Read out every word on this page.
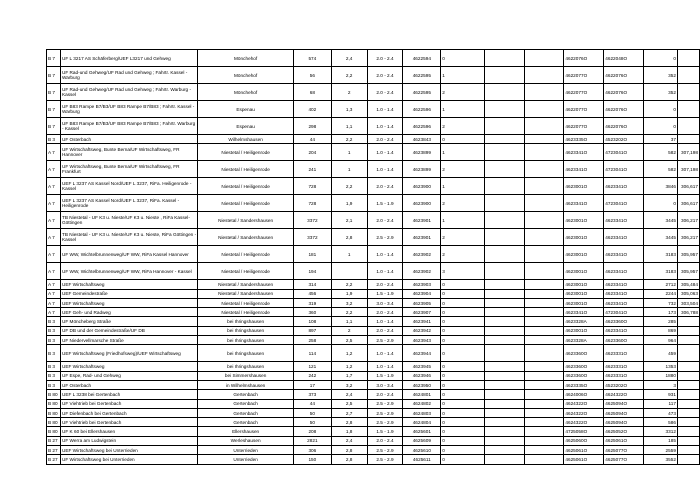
B 7	UF L 3217 AS Schäferberg/UEF L3217 und Gehweg	Mönchehof	574	2,4	2.0 - 2.4	4622594	0			4622076O	4622048O	0	
B 7	UF Rad-und Gehweg/UF Rad und Gehweg ; Fahrtr. Kassel - Warburg	Mönchehof	56	2,2	2.0 - 2.4	4622595	1			4622077O	4622076O	352	
B 7	UF Rad-und Gehweg/UF Rad und Gehweg ; Fahrtr. Warburg - Kassel	Mönchehof	68	2	2.0 - 2.4	4622595	2			4622077O	4622076O	352	
B 7	UF B83 Rampe B7/B3/UF B83 Rampe B7/B83 ; Fahrtr. Kassel - Warburg	Espenau	402	1,3	1.0 - 1.4	4622596	1			4622077O	4622076O	0	
B 7	UF B83 Rampe B7/B3/UF B83 Rampe B7/B83 ; Fahrtr. Warburg - Kassel	Espenau	298	1,1	1.0 - 1.4	4622596	2			4622077O	4622076O	0	
B 3	UF Osterbach	Wilhelmshausen	44	2,2	2.0 - 2.4	4623843	0			4623335O	4523202O	37	
A 7	UF Wirtschaftsweg, Bunte Berna/UF Wirtschaftsweg, FR Hannover	Niestetal / Heiligenrode	204	1	1.0 - 1.4	4623899	1			4623341O	4723041O	582	307,198
A 7	UF Wirtschaftsweg, Bunte Berna/UF Wirtschaftsweg, FR Frankfurt	Niestetal / Heiligenrode	241	1	1.0 - 1.4	4623899	2			4623341O	4723041O	582	307,198
A 7	UEF L 3237 AS Kassel Nord/UEF L 3237, RiFa. Heiligenrode - Kassel	Niestetal / Heiligenrode	728	2,2	2.0 - 2.4	4623900	1			4623001O	4623341O	3846	306,617
A 7	UEF L 3237 AS Kassel Nord/UEF L 3237, RiFa. Kassel - Heiligenrode	Niestetal / Heiligenrode	728	1,9	1.5 - 1.9	4623900	2			4623341O	4723041O	0	306,617
A 7	TB Niestetal - UF K3 u. Nieste/UF K3 u. Nieste , RiFa Kassel-Göttingen	Niestetal / Sandershausen	3372	2,1	2.0 - 2.4	4623901	1			4623001O	4623341O	3445	306,217
A 7	TB Niestetal - UF K3 u. Nieste/UF K3 u. Nieste, RiFa Göttingen - Kassel	Niestetal / Sandershausen	3372	2,8	2.5 - 2.9	4623901	2			4623001O	4623341O	3445	306,217
A 7	UF WW, Wichtelbrunnenweg/UF WW, RiFa Kassel Hannover	Niestetal / Heiligenrode	181	1	1.0 - 1.4	4623902	2			4623001O	4623341O	3183	305,957
A 7	UF WW, Wichtelbrunnenweg/UF WW, RiFa Hannover - Kassel	Niestetal / Heiligenrode	194		1.0 - 1.4	4623902	3			4623001O	4623341O	3183	305,957
A 7	UEF Wirtschaftsweg	Niestetal / Sandershausen	314	2,2	2.0 - 2.4	4623903	0			4623001O	4623341O	2712	305,484
A 7	UEF Gemeindestraße	Niestetal / Sandershausen	456	1,9	1.5 - 1.9	4623904	0			4623001O	4623341O	2244	305,063
A 7	UEF Wirtschaftsweg	Niestetal / Heiligenrode	319	3,2	3.0 - 3.4	4623905	0			4623001O	4623341O	732	303,504
A 7	UEF Geh- und Radweg	Niestetal / Heiligenrode	360	2,2	2.0 - 2.4	4623907	0			4623341O	4723041O	173	306,788
B 3	UF Möncheberg Straße	bei Ihringshausen	108	1,1	1.0 - 1.4	4623941	0			4623328A	4623360O	285	
B 3	UF DB und der Gemeindestraße/UF DB	bei Ihringshausen	897	2	2.0 - 2.4	4623942	0			4623001O	4623341O	869	
B 3	UF Niedervellmarsche Straße	bei Ihringshausen	258	2,5	2.5 - 2.9	4623943	0			4623328A	4623360O	964	
B 3	UEF Wirtschaftsweg (Friedhofsweg)/UEF Wirtschaftsweg	bei Ihringshausen	114	1,2	1.0 - 1.4	4623944	0			4623360O	4623331O	459	
B 3	UEF Wirtschaftsweg	bei Ihringshausen	121	1,2	1.0 - 1.4	4623945	0			4623360O	4623331O	1353	
B 3	UF Espe, Rad- und Gehweg	bei Simmershausen	242	1,7	1.5 - 1.9	4623946	0			4623360O	4623331O	1880	
B 3	UF Osterbach	in Wilhelmshausen	17	3,2	3.0 - 3.4	4623950	0			4623335O	4523202O	3	
B 80	UEF L 3238 bei Gertenbach	Gertenbach	373	2,4	2.0 - 2.4	4624801	0			4624006O	4624322O	931	
B 80	UF Viehtrieb bei Gertenbach	Gertenbach	44	2,5	2.5 - 2.9	4624802	0			4624322O	4625094O	117	
B 80	UF Diefenbach bei Gertenbach	Gertenbach	50	2,7	2.5 - 2.9	4624803	0			4624322O	4625094O	473	
B 80	UF Viehtrieb bei Gertenbach	Gertenbach	50	2,8	2.5 - 2.9	4624804	0			4624322O	4625094O	586	
B 80	UF K 60 bei Ellershausen	Ellershausen	208	1,8	1.5 - 1.9	4625601	0			4725058O	4625052O	3312	
B 27	UF Werra am Ludwigstein	Werleshausen	2821	2,4	2.0 - 2.4	4625609	0			4625060O	4625061O	185	
B 27	UEF Wirtschaftsweg bei Unterrieden	Unterrieden	306	2,8	2.5 - 2.9	4625610	0			4625061O	4625077O	2559	
B 27	UF Wirtschaftsweg bei Unterrieden	Unterrieden	150	2,8	2.5 - 2.9	4625611	0			4625061O	4625077O	3552	
